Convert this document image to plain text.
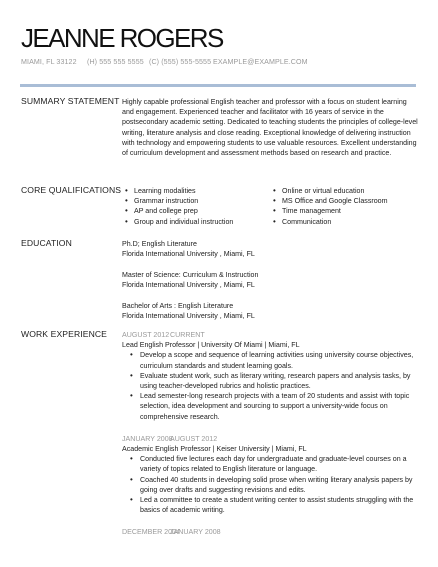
JEANNE ROGERS
MIAMI, FL 33122 (H) 555 555 5555 (C) (555) 555-5555 EXAMPLE@EXAMPLE.COM
SUMMARY STATEMENT Highly capable professional English teacher and professor with a focus on student learning and engagement. Experienced teacher and facilitator with 16 years of service in the postsecondary academic setting. Dedicated to teaching students the principles of college-level writing, literature analysis and close reading. Exceptional knowledge of delivering instruction with technology and empowering students to use valuable resources. Excellent understanding of curriculum development and assessment methods based on research and practice.
CORE QUALIFICATIONS
•	Learning modalities
• Grammar instruction
• AP and college prep
• Group and individual instruction
• Online or virtual education
• MS Office and Google Classroom
• Time management
• Communication
EDUCATION	Ph.D; English Literature
Florida International University , Miami, FL
Master of Science: Curriculum & Instruction
Florida International University , Miami, FL
Bachelor of Arts : English Literature
Florida International University , Miami, FL
WORK EXPERIENCE	AUGUST 2012 CURRENT
Lead English Professor | University Of Miami | Miami, FL
• Develop a scope and sequence of learning activities using university course objectives, curriculum standards and student learning goals.
• Evaluate student work, such as literary writing, research papers and analysis tasks, by using teacher-developed rubrics and holistic practices.
• Lead semester-long research projects with a team of 20 students and assist with topic selection, idea development and sourcing to support a university-wide focus on comprehensive research.
JANUARY 2008
AUGUST 2012
Academic English Professor | Keiser University | Miami, FL
• Conducted five lectures each day for undergraduate and graduate-level courses on a variety of topics related to English literature or language.
• Coached 40 students in developing solid prose when writing literary analysis papers by going over drafts and suggesting revisions and edits.
• Led a committee to create a student writing center to assist students struggling with the basics of academic writing.
DECEMBER 2004
JANUARY 2008
